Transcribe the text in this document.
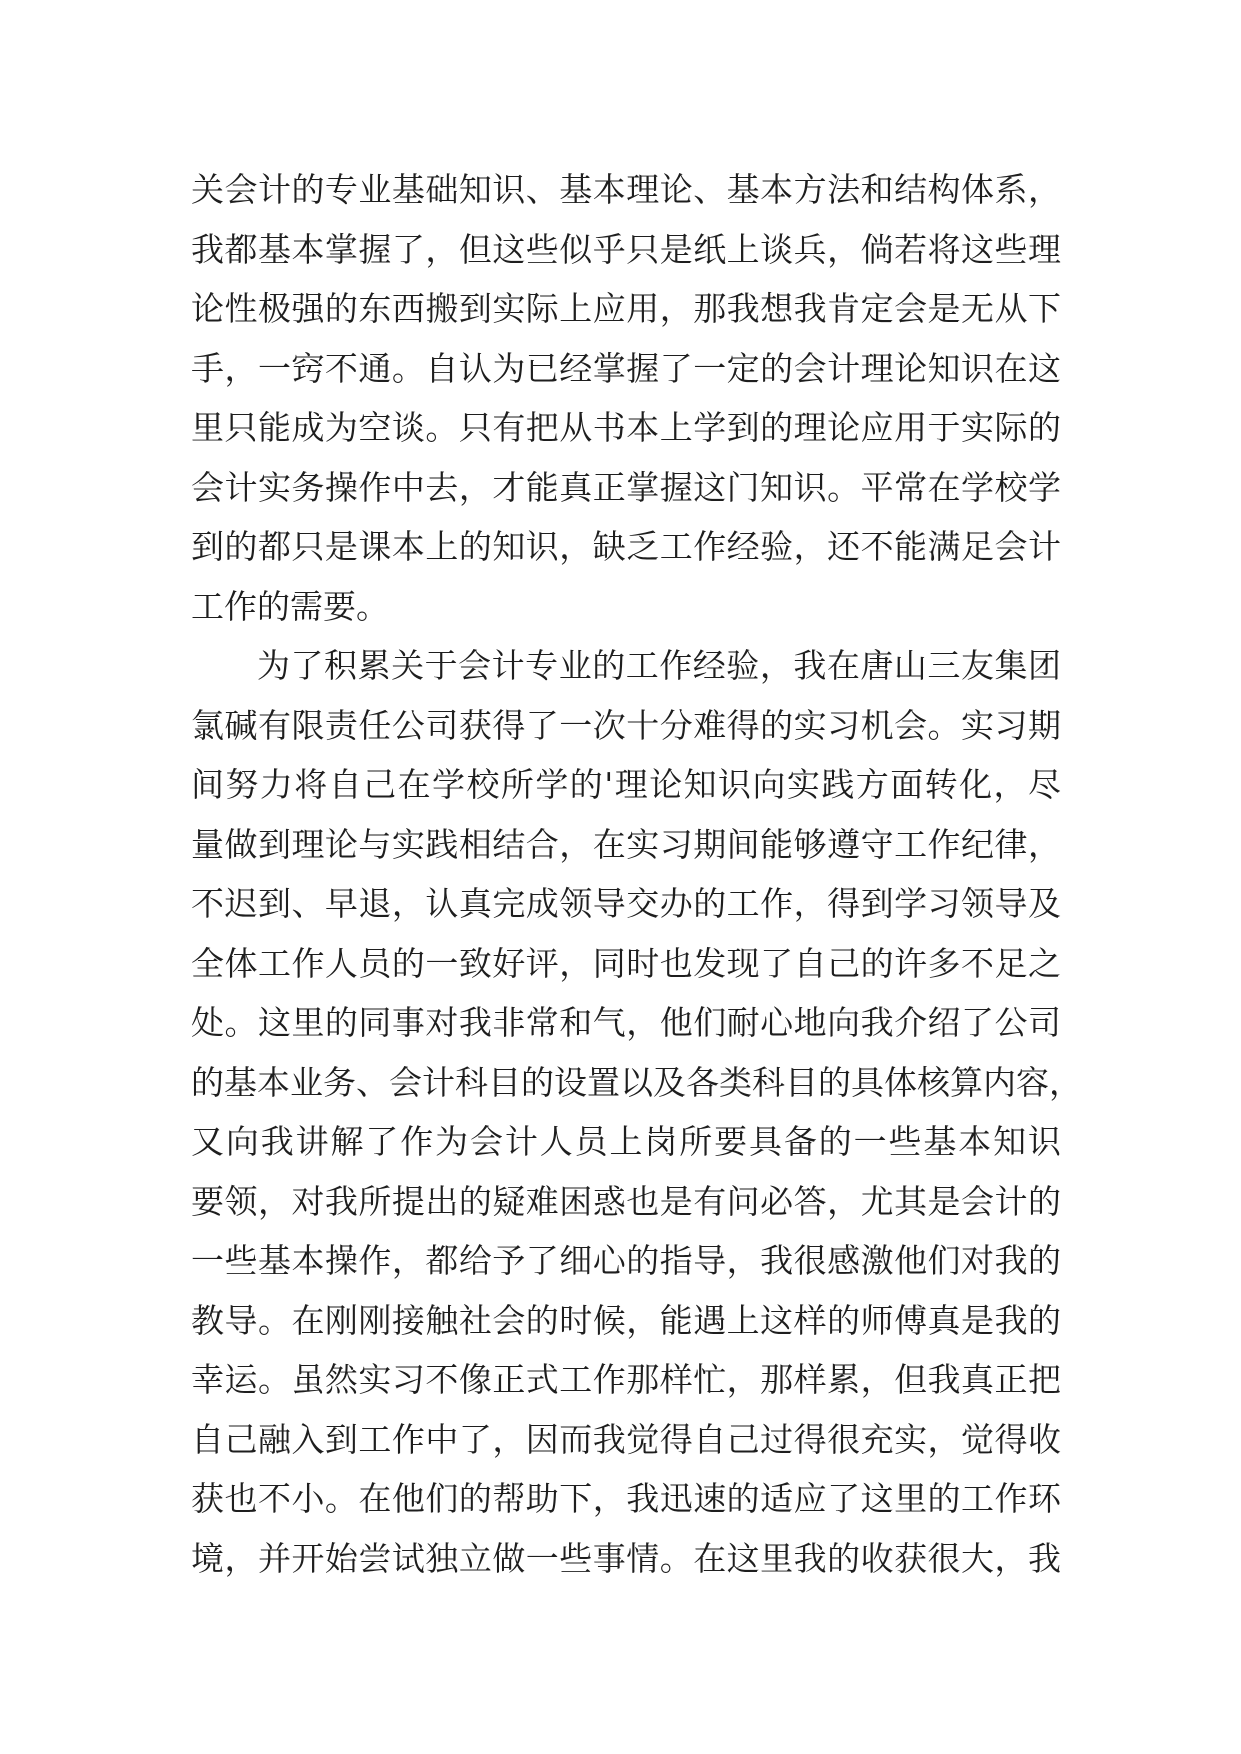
关会计的专业基础知识、基本理论、基本方法和结构体系，
我都基本掌握了，但这些似乎只是纸上谈兵，倘若将这些理
论性极强的东西搬到实际上应用，那我想我肯定会是无从下
手，一窍不通。自认为已经掌握了一定的会计理论知识在这
里只能成为空谈。只有把从书本上学到的理论应用于实际的
会计实务操作中去，才能真正掌握这门知识。平常在学校学
到的都只是课本上的知识，缺乏工作经验，还不能满足会计
工作的需要。
为了积累关于会计专业的工作经验，我在唐山三友集团
氯碱有限责任公司获得了一次十分难得的实习机会。实习期
间努力将自己在学校所学的'理论知识向实践方面转化，尽
量做到理论与实践相结合，在实习期间能够遵守工作纪律，
不迟到、早退，认真完成领导交办的工作，得到学习领导及
全体工作人员的一致好评，同时也发现了自己的许多不足之
处。这里的同事对我非常和气，他们耐心地向我介绍了公司
的基本业务、会计科目的设置以及各类科目的具体核算内容，
又向我讲解了作为会计人员上岗所要具备的一些基本知识
要领，对我所提出的疑难困惑也是有问必答，尤其是会计的
一些基本操作，都给予了细心的指导，我很感激他们对我的
教导。在刚刚接触社会的时候，能遇上这样的师傅真是我的
幸运。虽然实习不像正式工作那样忙，那样累，但我真正把
自己融入到工作中了，因而我觉得自己过得很充实，觉得收
获也不小。在他们的帮助下，我迅速的适应了这里的工作环
境，并开始尝试独立做一些事情。在这里我的收获很大，我
